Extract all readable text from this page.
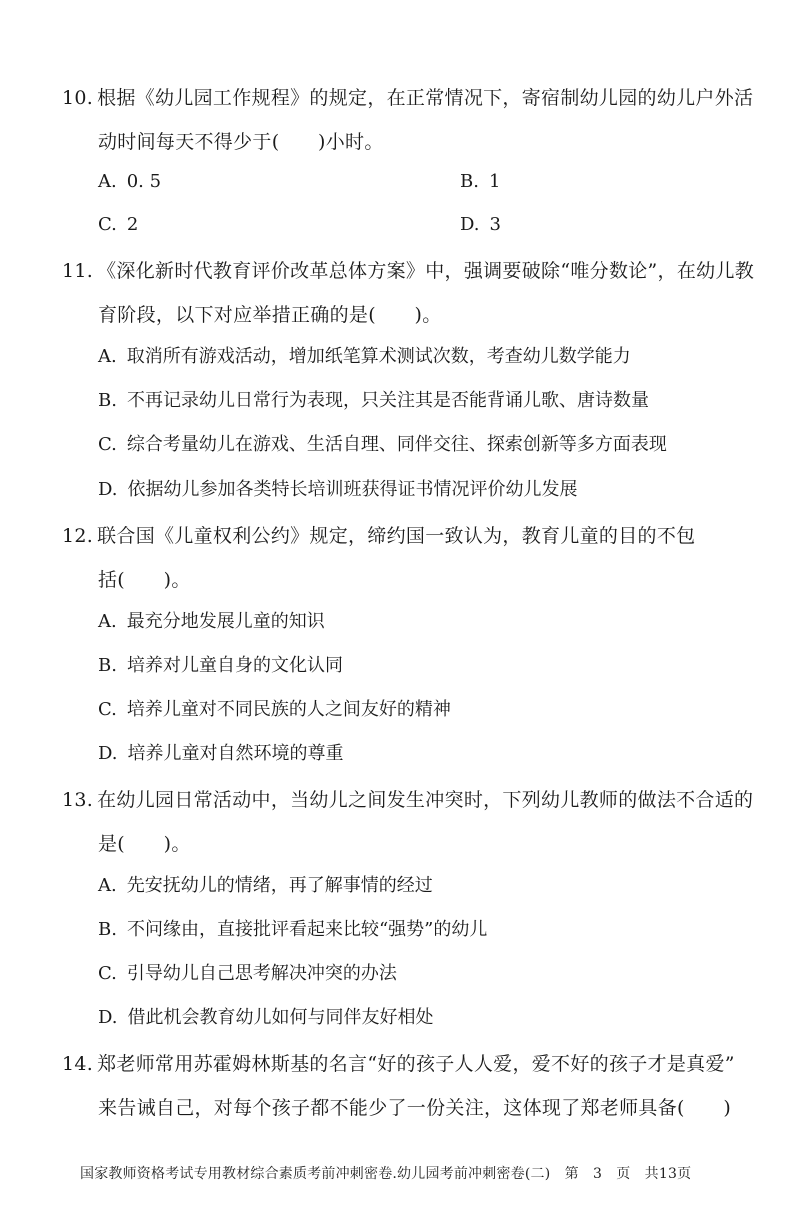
10. 根据《幼儿园工作规程》的规定，在正常情况下，寄宿制幼儿园的幼儿户外活
动时间每天不得少于(　　)小时。
A. 0. 5	B. 1
C. 2	D. 3
11. 《深化新时代教育评价改革总体方案》中，强调要破除“唯分数论”，在幼儿教
育阶段，以下对应举措正确的是(　　)。
A. 取消所有游戏活动，增加纸笔算术测试次数，考查幼儿数学能力
B. 不再记录幼儿日常行为表现，只关注其是否能背诵儿歌、唐诗数量
C. 综合考量幼儿在游戏、生活自理、同伴交往、探索创新等多方面表现
D. 依据幼儿参加各类特长培训班获得证书情况评价幼儿发展
12. 联合国《儿童权利公约》规定，缔约国一致认为，教育儿童的目的不包
括(　　)。
A. 最充分地发展儿童的知识
B. 培养对儿童自身的文化认同
C. 培养儿童对不同民族的人之间友好的精神
D. 培养儿童对自然环境的尊重
13. 在幼儿园日常活动中，当幼儿之间发生冲突时，下列幼儿教师的做法不合适的
是(　　)。
A. 先安抚幼儿的情绪，再了解事情的经过
B. 不问缘由，直接批评看起来比较“强势”的幼儿
C. 引导幼儿自己思考解决冲突的办法
D. 借此机会教育幼儿如何与同伴友好相处
14. 郑老师常用苏霍姆林斯基的名言“好的孩子人人爱，爱不好的孩子才是真爱”
来告诫自己，对每个孩子都不能少了一份关注，这体现了郑老师具备(　　)
国家教师资格考试专用教材综合素质考前冲刺密卷.幼儿园考前冲刺密卷(二)　第　3　页　共13页
